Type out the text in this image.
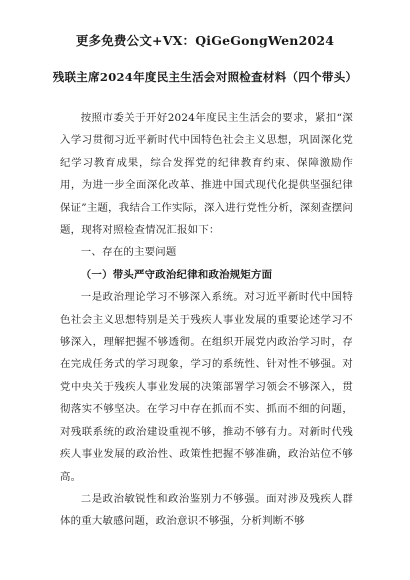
更多免费公文+VX：QiGeGongWen2024
残联主席2024年度民主生活会对照检查材料（四个带头）

按照市委关于开好2024年度民主生活会的要求，紧扣“深入学习贯彻习近平新时代中国特色社会主义思想，巩固深化党纪学习教育成果，综合发挥党的纪律教育约束、保障激励作用，为进一步全面深化改革、推进中国式现代化提供坚强纪律保证”主题，我结合工作实际，深入进行党性分析，深刻查摆问题，现将对照检查情况汇报如下：

一、存在的主要问题

（一）带头严守政治纪律和政治规矩方面

一是政治理论学习不够深入系统。对习近平新时代中国特色社会主义思想特别是关于残疾人事业发展的重要论述学习不够深入，理解把握不够透彻。在组织开展党内政治学习时，存在完成任务式的学习现象，学习的系统性、针对性不够强。对党中央关于残疾人事业发展的决策部署学习领会不够深入，贯彻落实不够坚决。在学习中存在抓而不实、抓而不细的问题，对残联系统的政治建设重视不够，推动不够有力。对新时代残疾人事业发展的政治性、政策性把握不够准确，政治站位不够高。

二是政治敏锐性和政治鉴别力不够强。面对涉及残疾人群体的重大敏感问题，政治意识不够强，分析判断不够
